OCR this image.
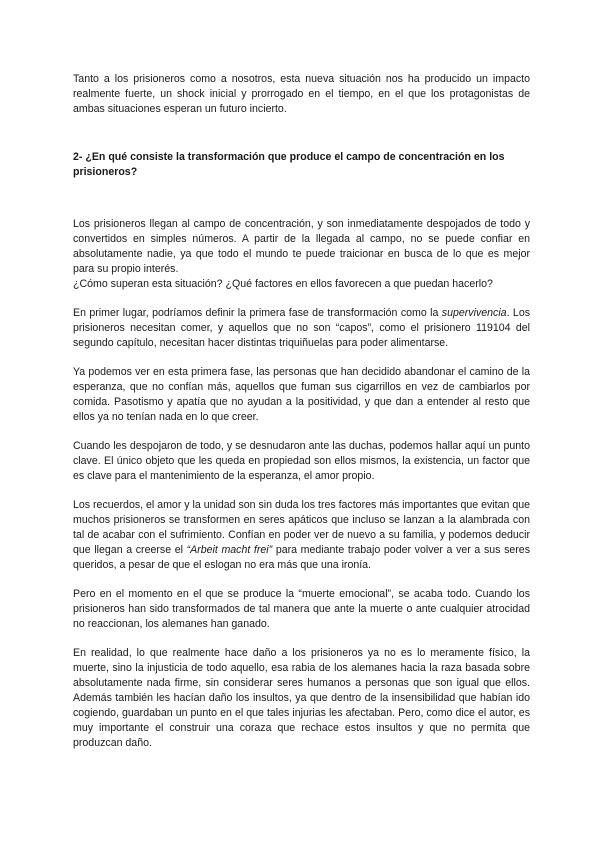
Tanto a los prisioneros como a nosotros, esta nueva situación nos ha producido un impacto realmente fuerte, un shock inicial y prorrogado en el tiempo, en el que los protagonistas de ambas situaciones esperan un futuro incierto.

2- ¿En qué consiste la transformación que produce el campo de concentración en los prisioneros?

Los prisioneros llegan al campo de concentración, y son inmediatamente despojados de todo y convertidos en simples números. A partir de la llegada al campo, no se puede confiar en absolutamente nadie, ya que todo el mundo te puede traicionar en busca de lo que es mejor para su propio interés.

¿Cómo superan esta situación? ¿Qué factores en ellos favorecen a que puedan hacerlo?

En primer lugar, podríamos definir la primera fase de transformación como la supervivencia. Los prisioneros necesitan comer, y aquellos que no son “capos”, como el prisionero 119104 del segundo capítulo, necesitan hacer distintas triquiñuelas para poder alimentarse.

Ya podemos ver en esta primera fase, las personas que han decidido abandonar el camino de la esperanza, que no confían más, aquellos que fuman sus cigarrillos en vez de cambiarlos por comida. Pasotismo y apatía que no ayudan a la positividad, y que dan a entender al resto que ellos ya no tenían nada en lo que creer.

Cuando les despojaron de todo, y se desnudaron ante las duchas, podemos hallar aquí un punto clave. El único objeto que les queda en propiedad son ellos mismos, la existencia, un factor que es clave para el mantenimiento de la esperanza, el amor propio.

Los recuerdos, el amor y la unidad son sin duda los tres factores más importantes que evitan que muchos prisioneros se transformen en seres apáticos que incluso se lanzan a la alambrada con tal de acabar con el sufrimiento. Confían en poder ver de nuevo a su familia, y podemos deducir que llegan a creerse el “Arbeit macht frei” para mediante trabajo poder volver a ver a sus seres queridos, a pesar de que el eslogan no era más que una ironía.

Pero en el momento en el que se produce la “muerte emocional”, se acaba todo. Cuando los prisioneros han sido transformados de tal manera que ante la muerte o ante cualquier atrocidad no reaccionan, los alemanes han ganado.

En realidad, lo que realmente hace daño a los prisioneros ya no es lo meramente físico, la muerte, sino la injusticia de todo aquello, esa rabia de los alemanes hacia la raza basada sobre absolutamente nada firme, sin considerar seres humanos a personas que son igual que ellos. Además también les hacían daño los insultos, ya que dentro de la insensibilidad que habían ido cogiendo, guardaban un punto en el que tales injurias les afectaban. Pero, como dice el autor, es muy importante el construir una coraza que rechace estos insultos y que no permita que produzcan daño.
